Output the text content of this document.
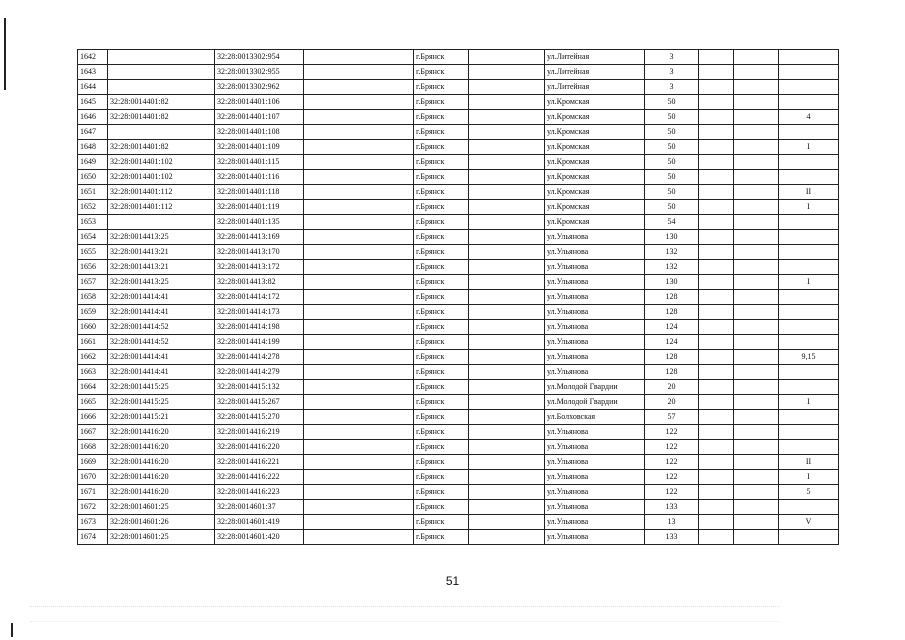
1642		32:28:0013302:954		г.Брянск		ул.Литейная	3			
1643		32:28:0013302:955		г.Брянск		ул.Литейная	3			
1644		32:28:0013302:962		г.Брянск		ул.Литейная	3			
1645	32:28:0014401:82	32:28:0014401:106		г.Брянск		ул.Кромская	50			
1646	32:28:0014401:82	32:28:0014401:107		г.Брянск		ул.Кромская	50			4
1647		32:28:0014401:108		г.Брянск		ул.Кромская	50			
1648	32:28:0014401:82	32:28:0014401:109		г.Брянск		ул.Кромская	50			I
1649	32:28:0014401:102	32:28:0014401:115		г.Брянск		ул.Кромская	50			
1650	32:28:0014401:102	32:28:0014401:116		г.Брянск		ул.Кромская	50			
1651	32:28:0014401:112	32:28:0014401:118		г.Брянск		ул.Кромская	50			II
1652	32:28:0014401:112	32:28:0014401:119		г.Брянск		ул.Кромская	50			I
1653		32:28:0014401:135		г.Брянск		ул.Кромская	54			
1654	32:28:0014413:25	32:28:0014413:169		г.Брянск		ул.Ульянова	130			
1655	32:28:0014413:21	32:28:0014413:170		г.Брянск		ул.Ульянова	132			
1656	32:28:0014413:21	32:28:0014413:172		г.Брянск		ул.Ульянова	132			
1657	32:28:0014413:25	32:28:0014413:82		г.Брянск		ул.Ульянова	130			I
1658	32:28:0014414:41	32:28:0014414:172		г.Брянск		ул.Ульянова	128			
1659	32:28:0014414:41	32:28:0014414:173		г.Брянск		ул.Ульянова	128			
1660	32:28:0014414:52	32:28:0014414:198		г.Брянск		ул.Ульянова	124			
1661	32:28:0014414:52	32:28:0014414:199		г.Брянск		ул.Ульянова	124			
1662	32:28:0014414:41	32:28:0014414:278		г.Брянск		ул.Ульянова	128			9,15
1663	32:28:0014414:41	32:28:0014414:279		г.Брянск		ул.Ульянова	128			
1664	32:28:0014415:25	32:28:0014415:132		г.Брянск		ул.Молодой Гвардии	20			
1665	32:28:0014415:25	32:28:0014415:267		г.Брянск		ул.Молодой Гвардии	20			I
1666	32:28:0014415:21	32:28:0014415:270		г.Брянск		ул.Болховская	57			
1667	32:28:0014416:20	32:28:0014416:219		г.Брянск		ул.Ульянова	122			
1668	32:28:0014416:20	32:28:0014416:220		г.Брянск		ул.Ульянова	122			
1669	32:28:0014416:20	32:28:0014416:221		г.Брянск		ул.Ульянова	122			II
1670	32:28:0014416:20	32:28:0014416:222		г.Брянск		ул.Ульянова	122			I
1671	32:28:0014416:20	32:28:0014416:223		г.Брянск		ул.Ульянова	122			5
1672	32:28:0014601:25	32:28:0014601:37		г.Брянск		ул.Ульянова	133			
1673	32:28:0014601:26	32:28:0014601:419		г.Брянск		ул.Ульянова	13			V
1674	32:28:0014601:25	32:28:0014601:420		г.Брянск		ул.Ульянова	133			
51
